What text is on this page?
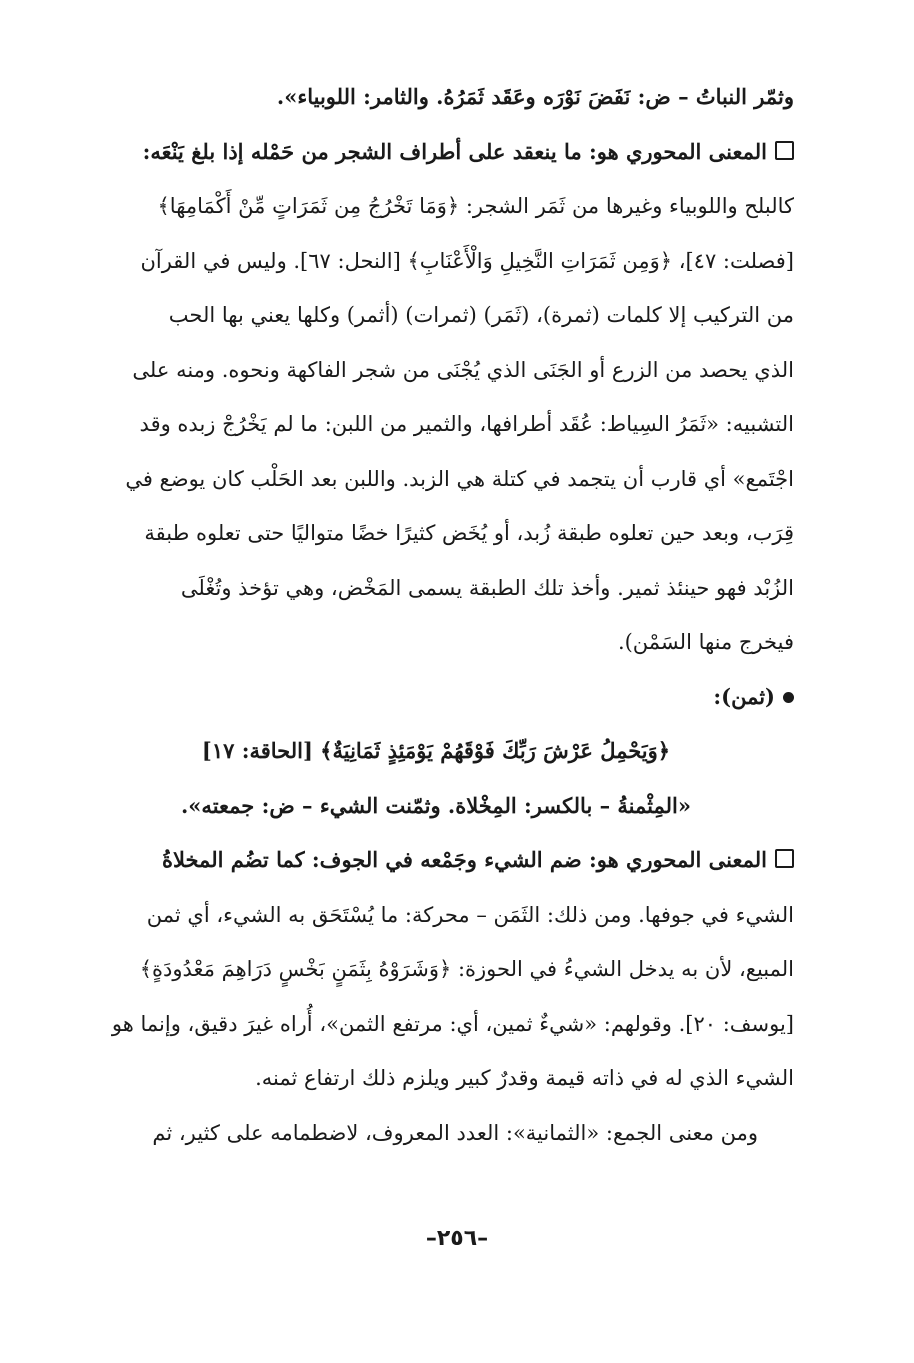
وثمّر النباتُ – ض: نَفَضَ نَوْرَه وعَقَد ثَمَرُهُ. والثامر: اللوبياء».
المعنى المحوري هو: ما ينعقد على أطراف الشجر من حَمْله إذا بلغ يَنْعَه:
كالبلح واللوبياء وغيرها من ثَمَر الشجر: ﴿وَمَا تَخْرُجُ مِن ثَمَرَاتٍ مِّنْ أَكْمَامِهَا﴾
[فصلت: ٤٧]، ﴿وَمِن ثَمَرَاتِ النَّخِيلِ وَالْأَعْنَابِ﴾ [النحل: ٦٧]. وليس في القرآن
من التركيب إلا كلمات (ثمرة)، (ثَمَر) (ثمرات) (أثمر) وكلها يعني بها الحب
الذي يحصد من الزرع أو الجَنَى الذي يُجْنَى من شجر الفاكهة ونحوه. ومنه على
التشبيه: «ثَمَرُ السِياط: عُقَد أطرافها، والثمير من اللبن: ما لم يَخْرُجْ زبده وقد
اجْتَمع» أي قارب أن يتجمد في كتلة هي الزبد. واللبن بعد الحَلْب كان يوضع في
قِرَب، وبعد حين تعلوه طبقة زُبد، أو يُخَض كثيرًا خضًا متواليًا حتى تعلوه طبقة
الزُبْد فهو حينئذ ثمير. وأخذ تلك الطبقة يسمى المَخْض، وهي تؤخذ وتُغْلَى
فيخرج منها السَمْن).
(ثمن):
﴿وَيَحْمِلُ عَرْشَ رَبِّكَ فَوْقَهُمْ يَوْمَئِذٍ ثَمَانِيَةٌ﴾ [الحاقة: ١٧]
«المِثْمنةُ – بالكسر: المِخْلاة. وثمّنت الشيء – ض: جمعته».
المعنى المحوري هو: ضم الشيء وجَمْعه في الجوف: كما تضُم المخلاةُ
الشيء في جوفها. ومن ذلك: الثَمَن – محركة: ما يُسْتَحَق به الشيء، أي ثمن
المبيع، لأن به يدخل الشيءُ في الحوزة: ﴿وَشَرَوْهُ بِثَمَنٍ بَخْسٍ دَرَاهِمَ مَعْدُودَةٍ﴾
[يوسف: ٢٠]. وقولهم: «شيءٌ ثمين، أي: مرتفع الثمن»، أُراه غيرَ دقيق، وإنما هو
الشيء الذي له في ذاته قيمة وقدرٌ كبير ويلزم ذلك ارتفاع ثمنه.
ومن معنى الجمع: «الثمانية»: العدد المعروف، لاضطمامه على كثير، ثم
–٢٥٦–
